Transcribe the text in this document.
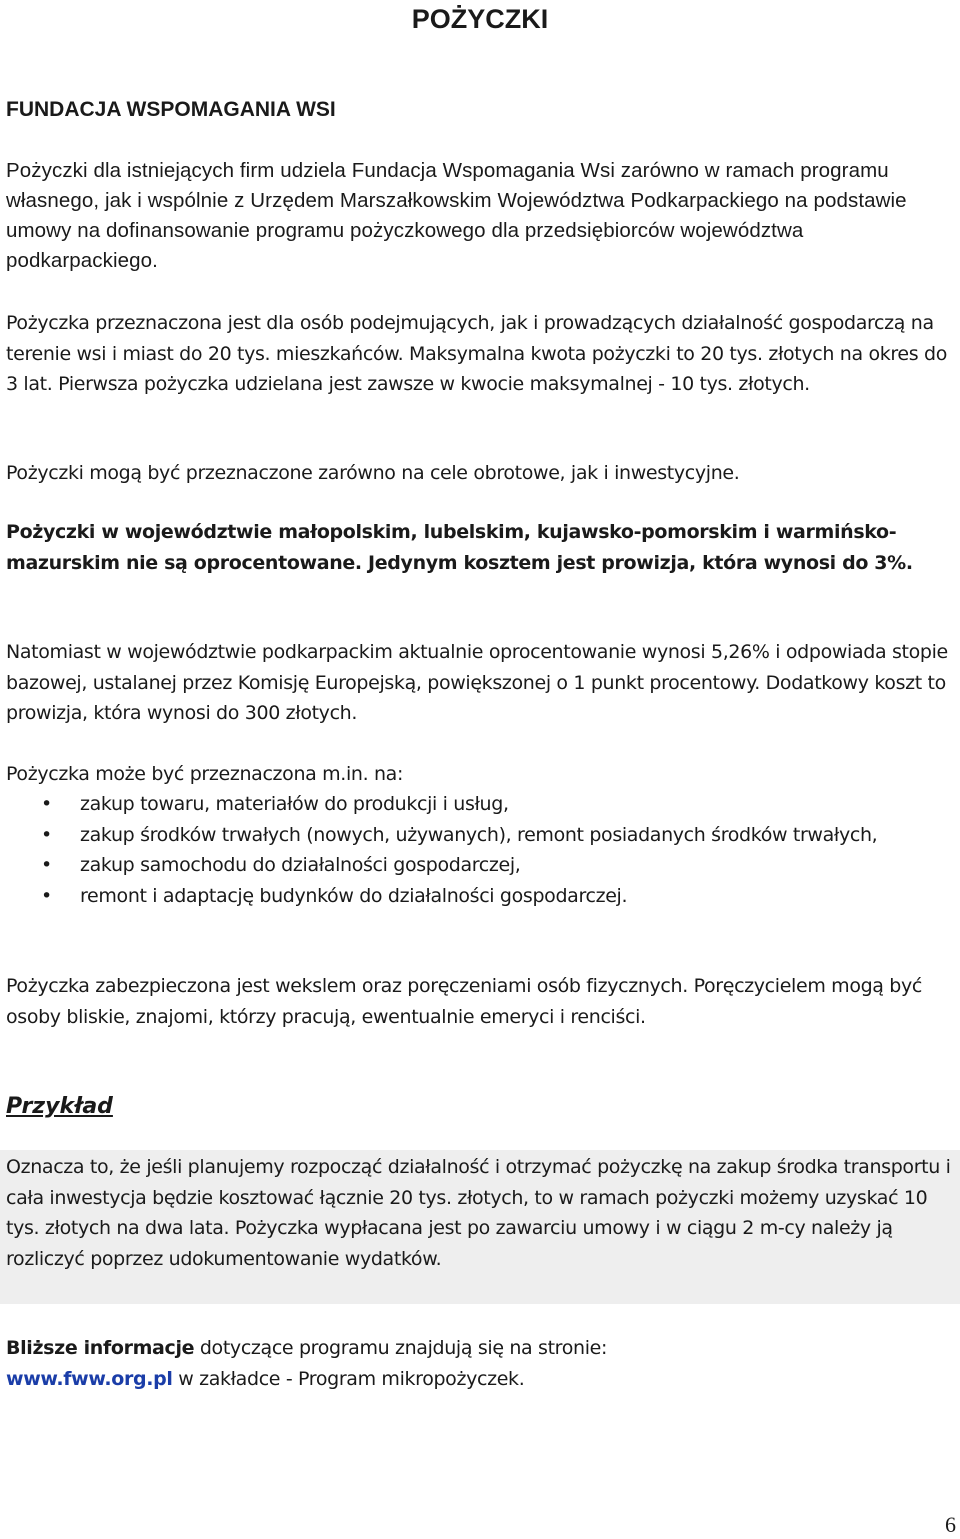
POŻYCZKI
FUNDACJA WSPOMAGANIA WSI

Pożyczki dla istniejących firm udziela Fundacja Wspomagania Wsi zarówno w ramach programu własnego, jak i wspólnie z Urzędem Marszałkowskim Województwa Podkarpackiego na podstawie umowy na dofinansowanie programu pożyczkowego dla przedsiębiorców województwa podkarpackiego.

Pożyczka przeznaczona jest dla osób podejmujących, jak i prowadzących działalność gospodarczą na terenie wsi i miast do 20 tys. mieszkańców. Maksymalna kwota pożyczki to 20 tys. złotych na okres do 3 lat. Pierwsza pożyczka udzielana jest zawsze w kwocie maksymalnej - 10 tys. złotych.

Pożyczki mogą być przeznaczone zarówno na cele obrotowe, jak i inwestycyjne.

Pożyczki w województwie małopolskim, lubelskim, kujawsko-pomorskim i warmińsko-mazurskim nie są oprocentowane. Jedynym kosztem jest prowizja, która wynosi do 3%.

Natomiast w województwie podkarpackim aktualnie oprocentowanie wynosi 5,26% i odpowiada stopie bazowej, ustalanej przez Komisję Europejską, powiększonej o 1 punkt procentowy. Dodatkowy koszt to prowizja, która wynosi do 300 złotych.

Pożyczka może być przeznaczona m.in. na:

• zakup towaru, materiałów do produkcji i usług,
• zakup środków trwałych (nowych, używanych), remont posiadanych środków trwałych,
• zakup samochodu do działalności gospodarczej,
• remont i adaptację budynków do działalności gospodarczej.

Pożyczka zabezpieczona jest wekslem oraz poręczeniami osób fizycznych. Poręczycielem mogą być osoby bliskie, znajomi, którzy pracują, ewentualnie emeryci i renciści.

Przykład

Oznacza to, że jeśli planujemy rozpocząć działalność i otrzymać pożyczkę na zakup środka transportu i cała inwestycja będzie kosztować łącznie 20 tys. złotych, to w ramach pożyczki możemy uzyskać 10 tys. złotych na dwa lata. Pożyczka wypłacana jest po zawarciu umowy i w ciągu 2 m-cy należy ją rozliczyć poprzez udokumentowanie wydatków.

Bliższe informacje dotyczące programu znajdują się na stronie:
www.fww.org.pl w zakładce - Program mikropożyczek.

6
